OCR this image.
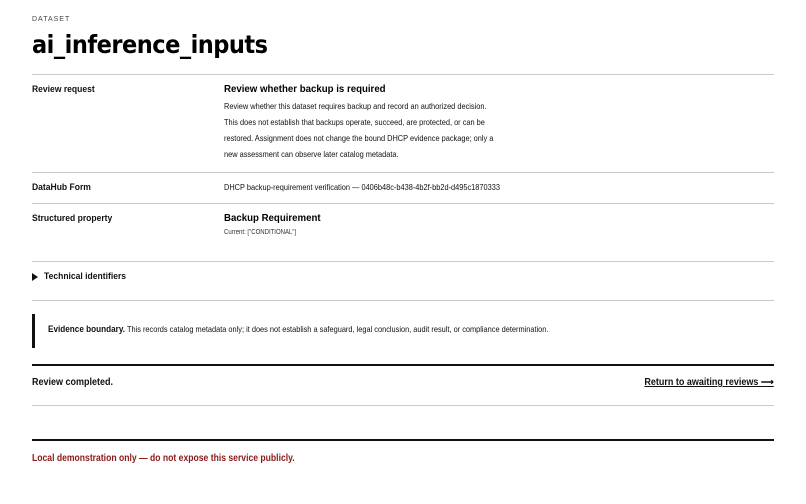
DATASET
ai_inference_inputs
Review request	Review whether backup is required
Review whether this dataset requires backup and record an authorized decision. This does not establish that backups operate, succeed, are protected, or can be restored. Assignment does not change the bound DHCP evidence package; only a new assessment can observe later catalog metadata.
DataHub Form	DHCP backup-requirement verification — 0406b48c-b438-4b2f-bb2d-d495c1870333
Structured property	Backup Requirement
Current: ["CONDITIONAL"]
Technical identifiers
Evidence boundary. This records catalog metadata only; it does not establish a safeguard, legal conclusion, audit result, or compliance determination.
Review completed.	Return to awaiting reviews ⟶
Local demonstration only — do not expose this service publicly.
